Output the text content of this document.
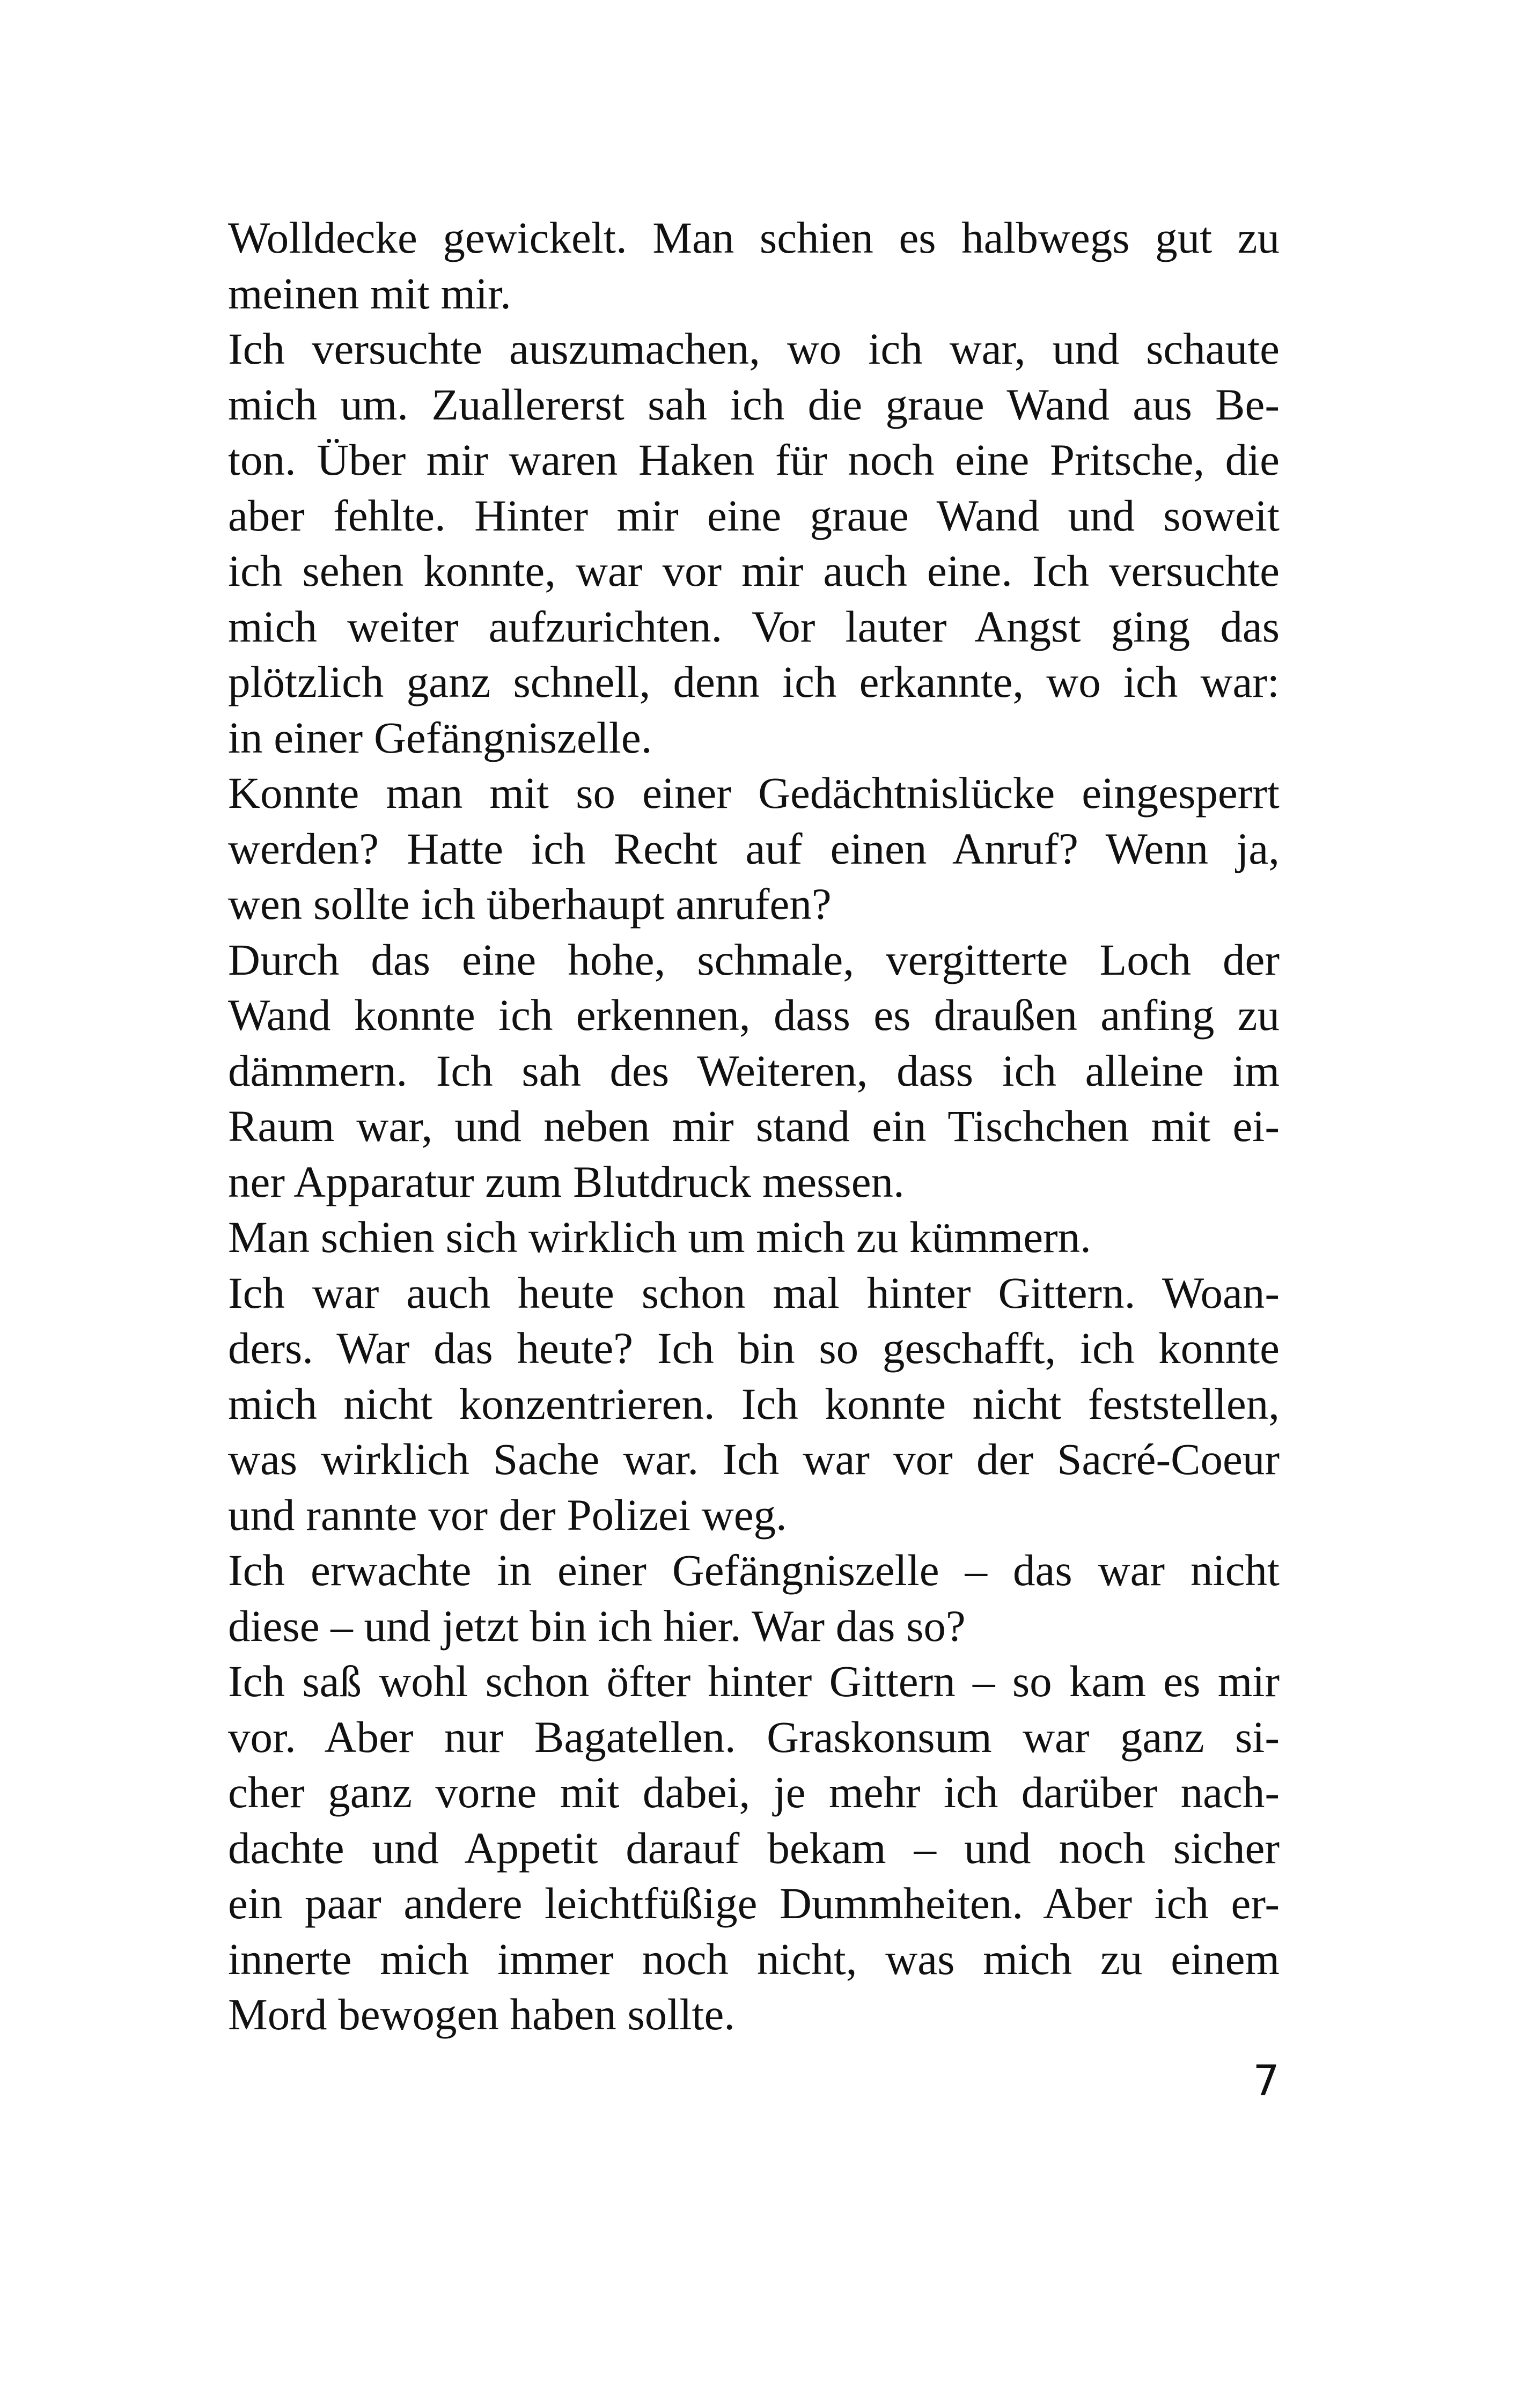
Wolldecke gewickelt. Man schien es halbwegs gut zu
meinen mit mir.
Ich versuchte auszumachen, wo ich war, und schaute
mich um. Zuallererst sah ich die graue Wand aus Be-
ton. Über mir waren Haken für noch eine Pritsche, die
aber fehlte. Hinter mir eine graue Wand und soweit
ich sehen konnte, war vor mir auch eine. Ich versuchte
mich weiter aufzurichten. Vor lauter Angst ging das
plötzlich ganz schnell, denn ich erkannte, wo ich war:
in einer Gefängniszelle.
Konnte man mit so einer Gedächtnislücke eingesperrt
werden? Hatte ich Recht auf einen Anruf? Wenn ja,
wen sollte ich überhaupt anrufen?
Durch das eine hohe, schmale, vergitterte Loch der
Wand konnte ich erkennen, dass es draußen anfing zu
dämmern. Ich sah des Weiteren, dass ich alleine im
Raum war, und neben mir stand ein Tischchen mit ei-
ner Apparatur zum Blutdruck messen.
Man schien sich wirklich um mich zu kümmern.
Ich war auch heute schon mal hinter Gittern. Woan-
ders. War das heute? Ich bin so geschafft, ich konnte
mich nicht konzentrieren. Ich konnte nicht feststellen,
was wirklich Sache war. Ich war vor der Sacré-Coeur
und rannte vor der Polizei weg.
Ich erwachte in einer Gefängniszelle – das war nicht
diese – und jetzt bin ich hier. War das so?
Ich saß wohl schon öfter hinter Gittern – so kam es mir
vor. Aber nur Bagatellen. Graskonsum war ganz si-
cher ganz vorne mit dabei, je mehr ich darüber nach-
dachte und Appetit darauf bekam – und noch sicher
ein paar andere leichtfüßige Dummheiten. Aber ich er-
innerte mich immer noch nicht, was mich zu einem
Mord bewogen haben sollte.
7
